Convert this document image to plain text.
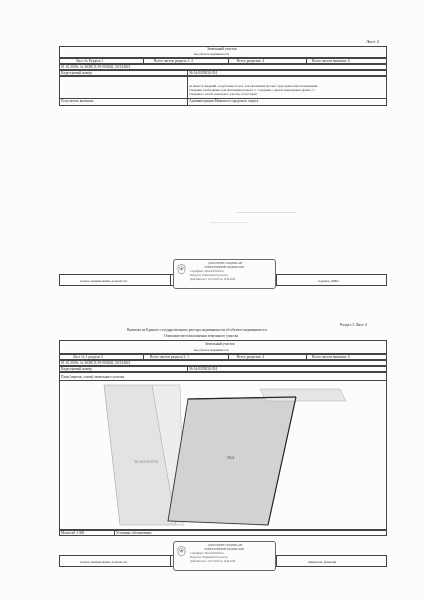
Лист 2
Земельный участок
вид объекта недвижимости
Лист № Раздела 1	Всего листов раздела 1: 2	Всего разделов: 4	Всего листов выписки: 6
01.10.2019г. № 36/ИСХ/19-503628; 20/134021
Кадастровый номер:	36:34:0203034:354
не имеется сведений о подготовке отчета, для заполнения пустых строк нужно внести изменения
Сведения, необходимые для заполнения раздела: 2 - Сведения о зарегистрированных правах, 3 -
Сведения о частях земельного участка, отсутствуют
Получатель выписки:	Администрация Минского городского округа
полное наименование должности	подпись, ФИО
ДОКУМЕНТ ПОДПИСАН
ЭЛЕКТРОННОЙ ПОДПИСЬЮ
Сертификат: 00a2c4e07bfd3a1c
Владелец: Управление Росреестра
Действителен с 10.01.2019 по 10.04.2020
Раздел 3 Лист 4
Выписка из Единого государственного реестра недвижимости об объекте недвижимости
Описание местоположения земельного участка
Земельный участок
вид объекта недвижимости
Лист № 1 раздела 3	Всего листов раздела 3: 1	Всего разделов: 4	Всего листов выписки: 6
01.10.2019г. № 36/ИСХ/19-503628; 20/134021
Кадастровый номер:	36:34:0203034:354
План (чертеж, схема) земельного участка
36:34:0203034
:354
Масштаб 1:300	Условные обозначения:
полное наименование должности	инициалы, фамилия
ДОКУМЕНТ ПОДПИСАН
ЭЛЕКТРОННОЙ ПОДПИСЬЮ
Сертификат: 00a2c4e07bfd3a1c
Владелец: Управление Росреестра
Действителен с 10.01.2019 по 10.04.2020
